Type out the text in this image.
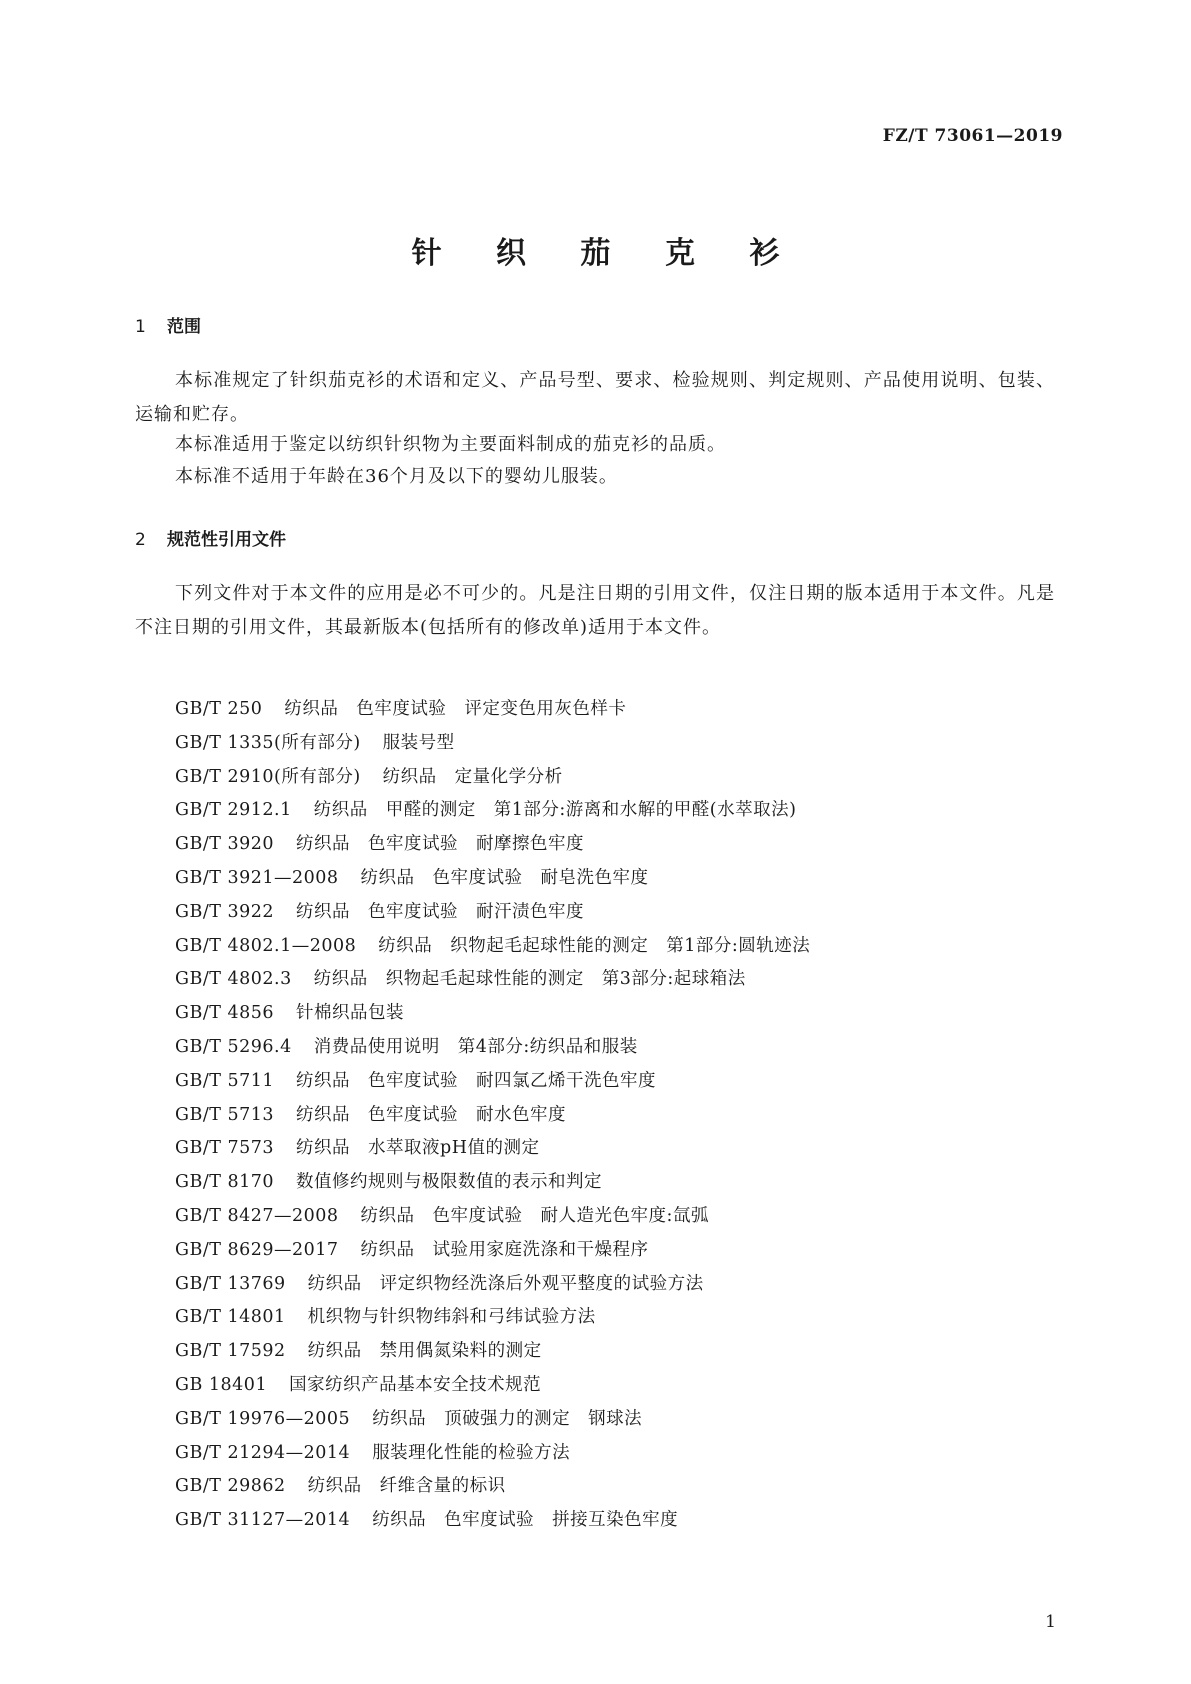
FZ/T 73061—2019
针 织 茄 克 衫
1 范围
本标准规定了针织茄克衫的术语和定义、产品号型、要求、检验规则、判定规则、产品使用说明、包装、运输和贮存。
本标准适用于鉴定以纺织针织物为主要面料制成的茄克衫的品质。
本标准不适用于年龄在36个月及以下的婴幼儿服装。
2 规范性引用文件
下列文件对于本文件的应用是必不可少的。凡是注日期的引用文件，仅注日期的版本适用于本文件。凡是不注日期的引用文件，其最新版本(包括所有的修改单)适用于本文件。
GB/T 250 纺织品　色牢度试验　评定变色用灰色样卡
GB/T 1335(所有部分) 服装号型
GB/T 2910(所有部分) 纺织品　定量化学分析
GB/T 2912.1 纺织品　甲醛的测定　第1部分:游离和水解的甲醛(水萃取法)
GB/T 3920 纺织品　色牢度试验　耐摩擦色牢度
GB/T 3921—2008 纺织品　色牢度试验　耐皂洗色牢度
GB/T 3922 纺织品　色牢度试验　耐汗渍色牢度
GB/T 4802.1—2008 纺织品　织物起毛起球性能的测定　第1部分:圆轨迹法
GB/T 4802.3 纺织品　织物起毛起球性能的测定　第3部分:起球箱法
GB/T 4856 针棉织品包装
GB/T 5296.4 消费品使用说明　第4部分:纺织品和服装
GB/T 5711 纺织品　色牢度试验　耐四氯乙烯干洗色牢度
GB/T 5713 纺织品　色牢度试验　耐水色牢度
GB/T 7573 纺织品　水萃取液pH值的测定
GB/T 8170 数值修约规则与极限数值的表示和判定
GB/T 8427—2008 纺织品　色牢度试验　耐人造光色牢度:氙弧
GB/T 8629—2017 纺织品　试验用家庭洗涤和干燥程序
GB/T 13769 纺织品　评定织物经洗涤后外观平整度的试验方法
GB/T 14801 机织物与针织物纬斜和弓纬试验方法
GB/T 17592 纺织品　禁用偶氮染料的测定
GB 18401 国家纺织产品基本安全技术规范
GB/T 19976—2005 纺织品　顶破强力的测定　钢球法
GB/T 21294—2014 服装理化性能的检验方法
GB/T 29862 纺织品　纤维含量的标识
GB/T 31127—2014 纺织品　色牢度试验　拼接互染色牢度
1
